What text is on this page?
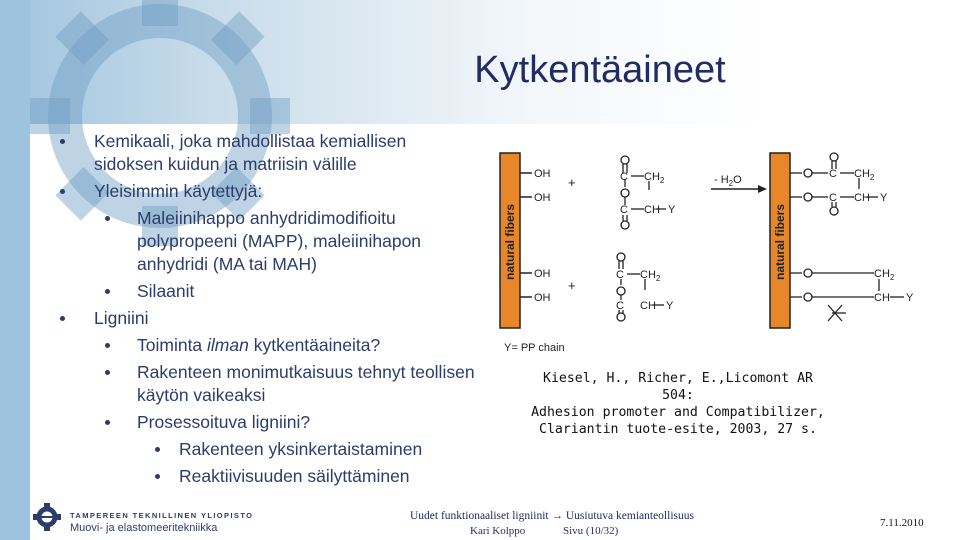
Kytkentäaineet
Kemikaali, joka mahdollistaa kemiallisen sidoksen kuidun ja matriisin välille
Yleisimmin käytettyjä:
Maleiinihappo anhydridimodifioitu polypropeeni (MAPP), maleiinihapon anhydridi (MA tai MAH)
Silaanit
Ligniini
Toiminta ilman kytkentäaineita?
Rakenteen monimutkaisuus tehnyt teollisen käytön vaikeaksi
Prosessoituva ligniini?
Rakenteen yksinkertaistaminen
Reaktiivisuuden säilyttäminen
natural fibers
OH
OH
OH
OH
+
+
C $CH_2$
C CH Y
- $H_2O$
C $CH_2$
C CH Y
natural fibers
C $CH_2$
C CH Y
$CH_2$
CH Y
Y= PP chain
Kiesel, H., Richer, E.,Licomont AR 504:
Adhesion promoter and Compatibilizer,
Clariantin tuote-esite, 2003, 27 s.
TAMPEREEN TEKNILLINEN YLIOPISTO
Muovi- ja elastomeeritekniikka
Uudet funktionaaliset ligniinit → Uusiutuva kemianteollisuus
Kari Kolppo	Sivu (10/32)
7.11.2010
